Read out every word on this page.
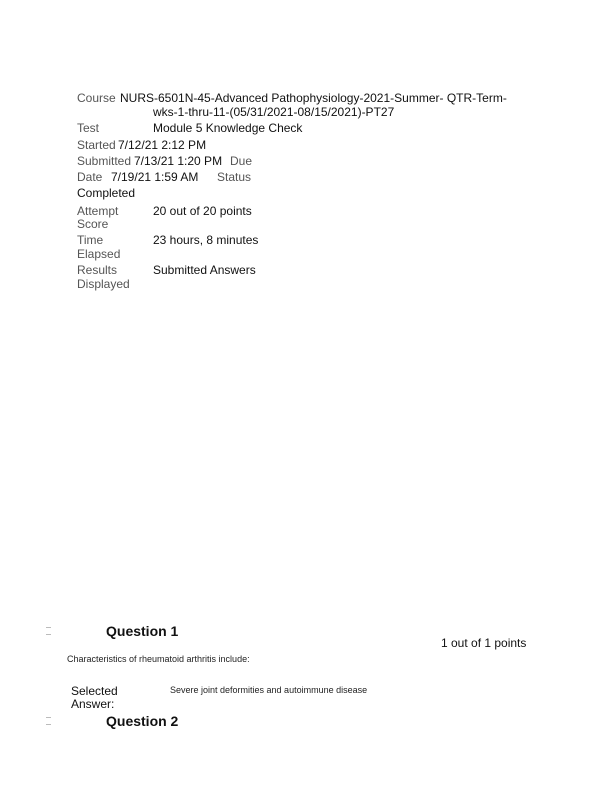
Course NURS-6501N-45-Advanced Pathophysiology-2021-Summer- QTR-Term-
wks-1-thru-11-(05/31/2021-08/15/2021)-PT27
Test	Module 5 Knowledge Check
Started 7/12/21 2:12 PM
Submitted 7/13/21 1:20 PM Due
Date 7/19/21 1:59 AM Status
Completed
Attempt
Score
20 out of 20 points
Time
Elapsed
23 hours, 8 minutes
Results
Displayed
Submitted Answers
Question 1
1 out of 1 points
Characteristics of rheumatoid arthritis include:
Selected
Answer:
Severe joint deformities and autoimmune disease
Question 2
